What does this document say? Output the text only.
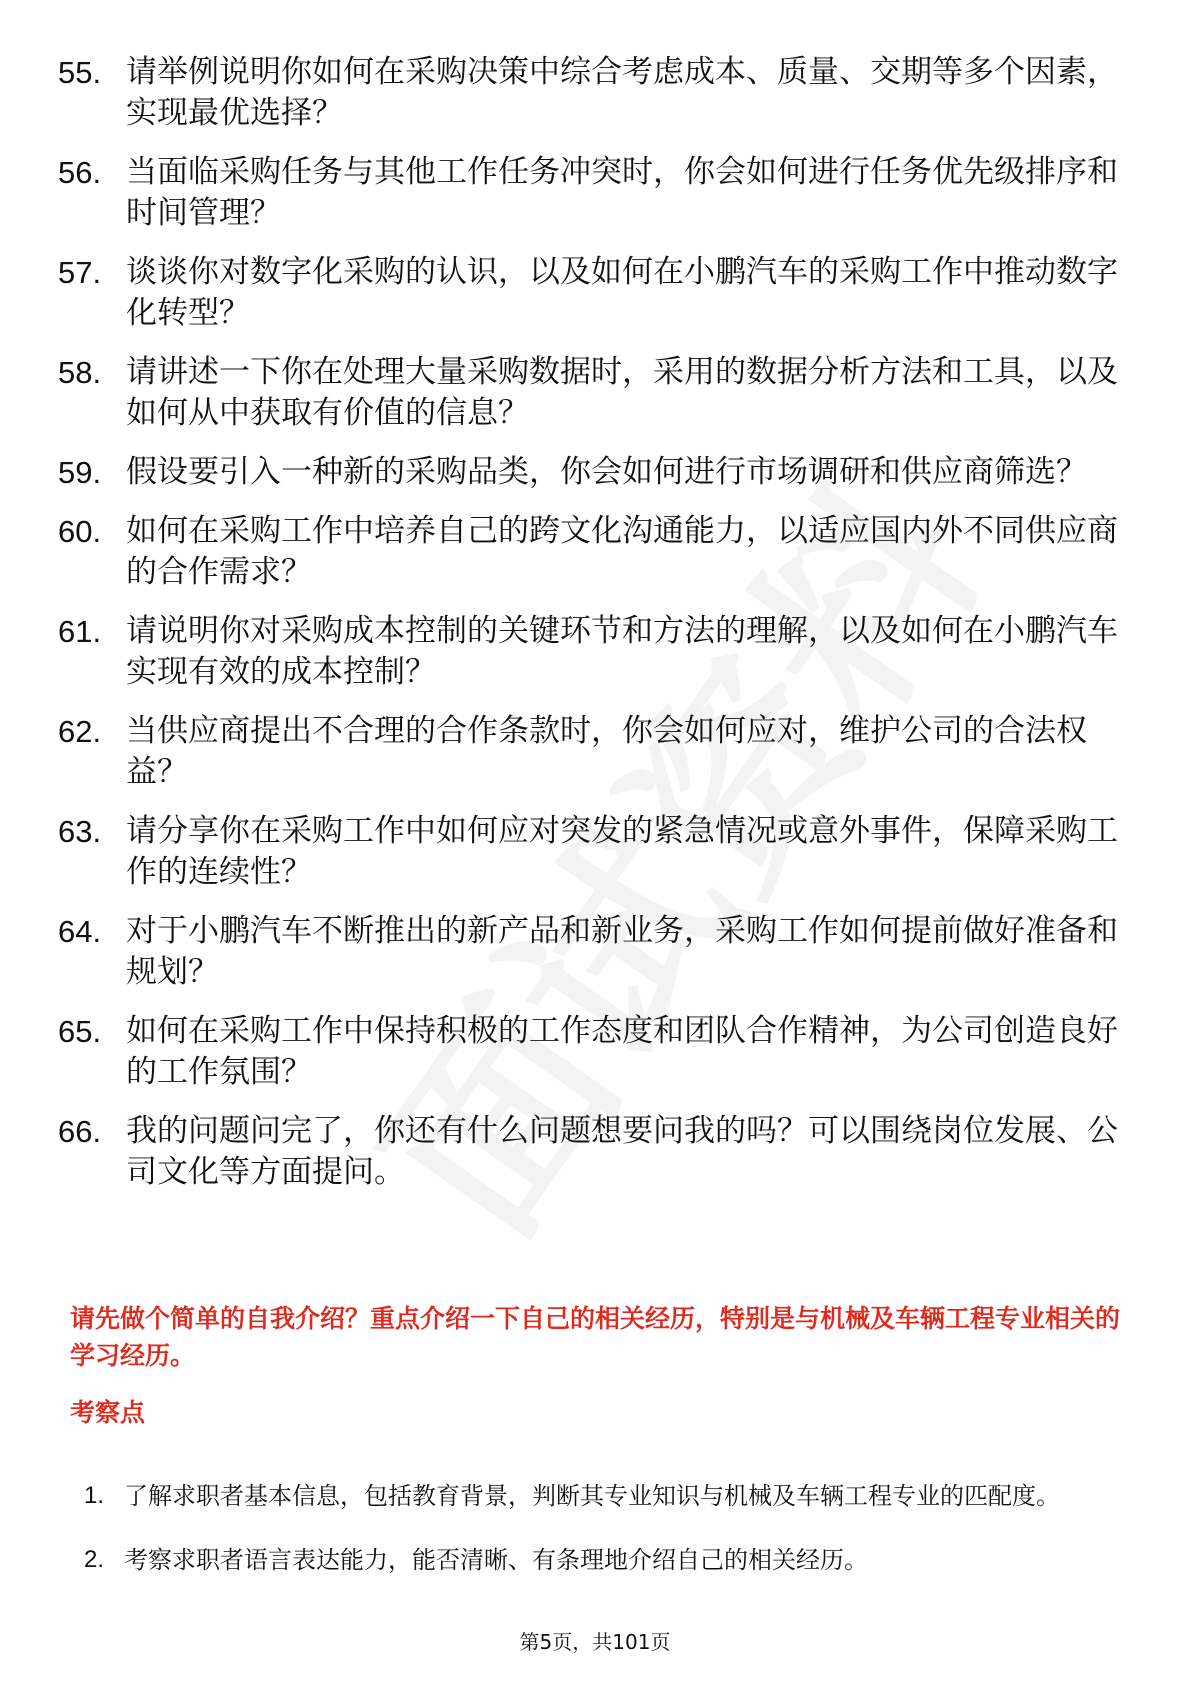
55. 请举例说明你如何在采购决策中综合考虑成本、质量、交期等多个因素，实现最优选择？
56. 当面临采购任务与其他工作任务冲突时，你会如何进行任务优先级排序和时间管理？
57. 谈谈你对数字化采购的认识，以及如何在小鹏汽车的采购工作中推动数字化转型？
58. 请讲述一下你在处理大量采购数据时，采用的数据分析方法和工具，以及如何从中获取有价值的信息？
59. 假设要引入一种新的采购品类，你会如何进行市场调研和供应商筛选？
60. 如何在采购工作中培养自己的跨文化沟通能力，以适应国内外不同供应商的合作需求？
61. 请说明你对采购成本控制的关键环节和方法的理解，以及如何在小鹏汽车实现有效的成本控制？
62. 当供应商提出不合理的合作条款时，你会如何应对，维护公司的合法权益？
63. 请分享你在采购工作中如何应对突发的紧急情况或意外事件，保障采购工作的连续性？
64. 对于小鹏汽车不断推出的新产品和新业务，采购工作如何提前做好准备和规划？
65. 如何在采购工作中保持积极的工作态度和团队合作精神，为公司创造良好的工作氛围？
66. 我的问题问完了，你还有什么问题想要问我的吗？可以围绕岗位发展、公司文化等方面提问。
请先做个简单的自我介绍？重点介绍一下自己的相关经历，特别是与机械及车辆工程专业相关的学习经历。
考察点
1. 了解求职者基本信息，包括教育背景，判断其专业知识与机械及车辆工程专业的匹配度。
2. 考察求职者语言表达能力，能否清晰、有条理地介绍自己的相关经历。
第5页，共101页
